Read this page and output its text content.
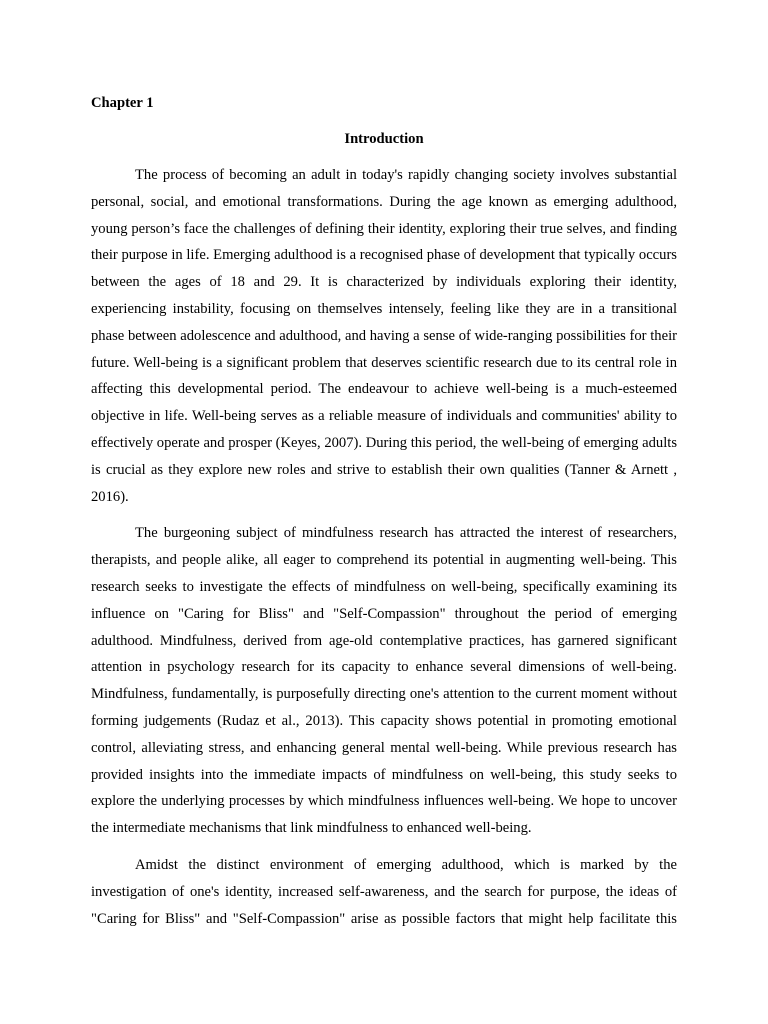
Chapter 1

Introduction

The process of becoming an adult in today's rapidly changing society involves substantial personal, social, and emotional transformations. During the age known as emerging adulthood, young person’s face the challenges of defining their identity, exploring their true selves, and finding their purpose in life. Emerging adulthood is a recognised phase of development that typically occurs between the ages of 18 and 29. It is characterized by individuals exploring their identity, experiencing instability, focusing on themselves intensely, feeling like they are in a transitional phase between adolescence and adulthood, and having a sense of wide-ranging possibilities for their future. Well-being is a significant problem that deserves scientific research due to its central role in affecting this developmental period. The endeavour to achieve well-being is a much-esteemed objective in life. Well-being serves as a reliable measure of individuals and communities' ability to effectively operate and prosper (Keyes, 2007). During this period, the well-being of emerging adults is crucial as they explore new roles and strive to establish their own qualities (Tanner & Arnett , 2016).

The burgeoning subject of mindfulness research has attracted the interest of researchers, therapists, and people alike, all eager to comprehend its potential in augmenting well-being. This research seeks to investigate the effects of mindfulness on well-being, specifically examining its influence on "Caring for Bliss" and "Self-Compassion" throughout the period of emerging adulthood. Mindfulness, derived from age-old contemplative practices, has garnered significant attention in psychology research for its capacity to enhance several dimensions of well-being. Mindfulness, fundamentally, is purposefully directing one's attention to the current moment without forming judgements (Rudaz et al., 2013). This capacity shows potential in promoting emotional control, alleviating stress, and enhancing general mental well-being. While previous research has provided insights into the immediate impacts of mindfulness on well-being, this study seeks to explore the underlying processes by which mindfulness influences well-being. We hope to uncover the intermediate mechanisms that link mindfulness to enhanced well-being.

Amidst the distinct environment of emerging adulthood, which is marked by the investigation of one's identity, increased self-awareness, and the search for purpose, the ideas of "Caring for Bliss" and "Self-Compassion" arise as possible factors that might help facilitate this
